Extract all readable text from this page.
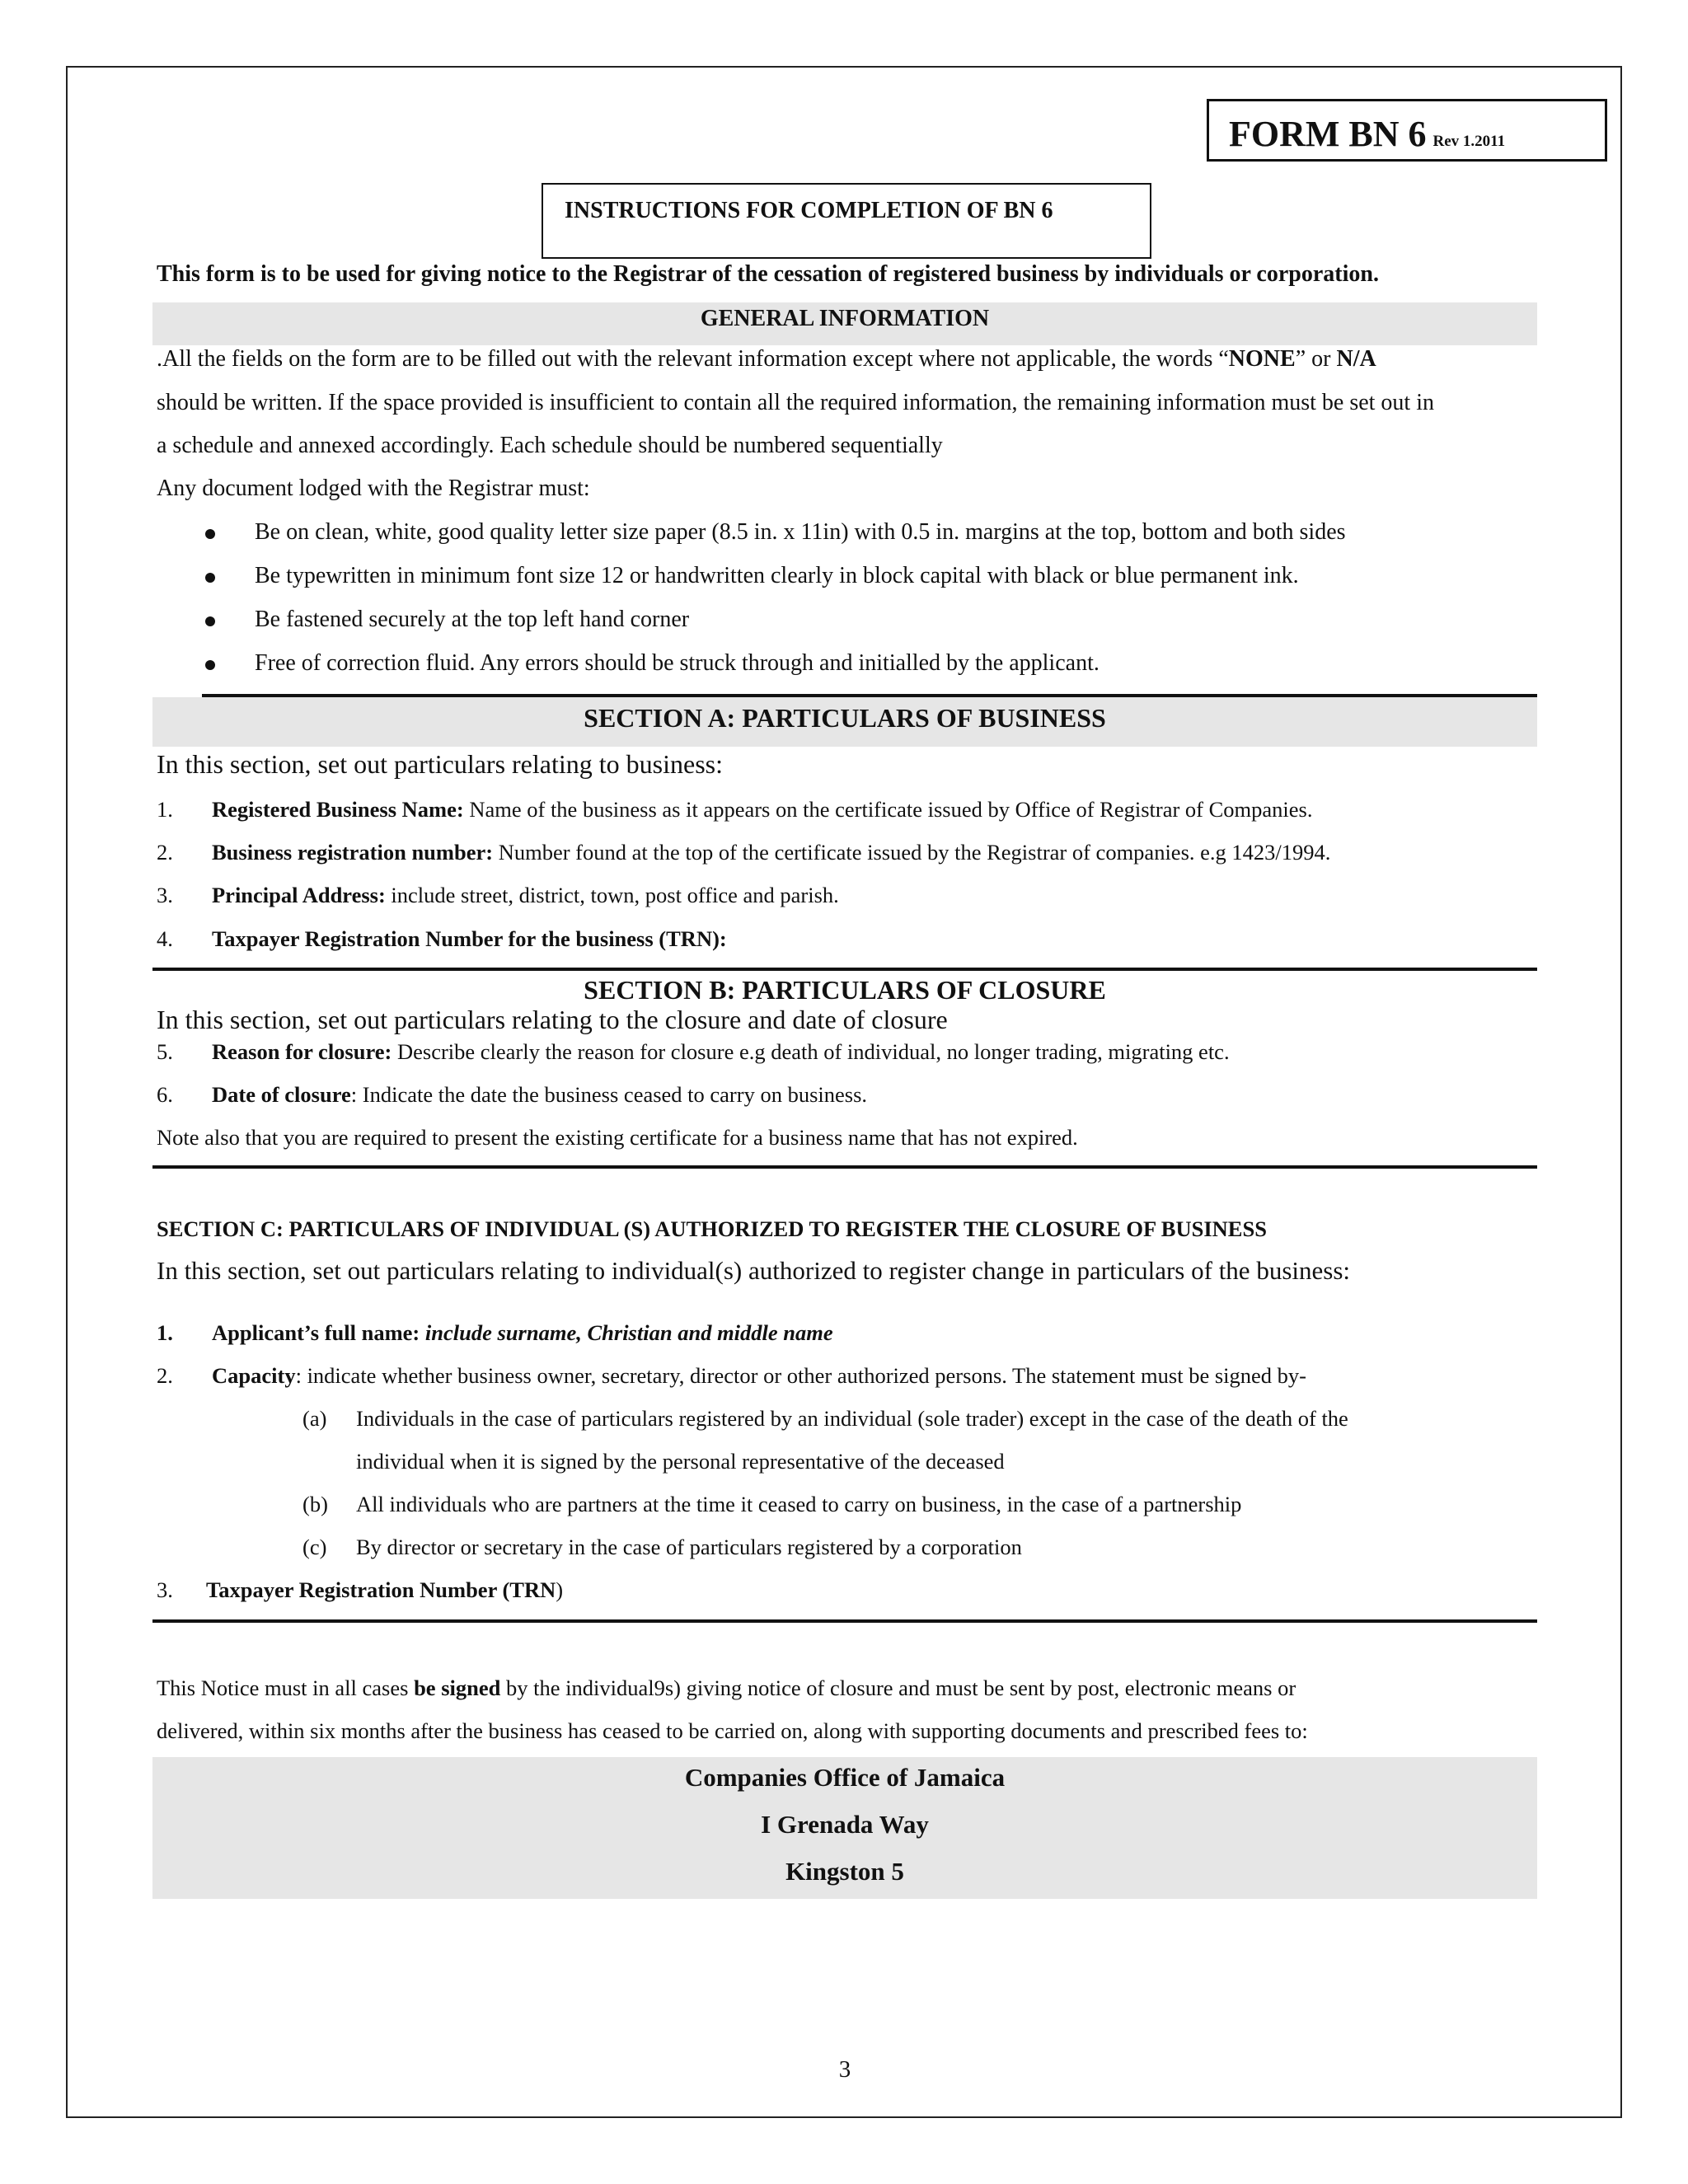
FORM BN 6 Rev 1.2011
INSTRUCTIONS FOR COMPLETION OF BN 6
This form is to be used for giving notice to the Registrar of the cessation of registered business by individuals or corporation.
GENERAL INFORMATION
.All the fields on the form are to be filled out with the relevant information except where not applicable, the words “NONE” or N/A
should be written. If the space provided is insufficient to contain all the required information, the remaining information must be set out in
a schedule and annexed accordingly. Each schedule should be numbered sequentially
Any document lodged with the Registrar must:
Be on clean, white, good quality letter size paper (8.5 in. x 11in) with 0.5 in. margins at the top, bottom and both sides
Be typewritten in minimum font size 12 or handwritten clearly in block capital with black or blue permanent ink.
Be fastened securely at the top left hand corner
Free of correction fluid. Any errors should be struck through and initialled by the applicant.
SECTION A: PARTICULARS OF BUSINESS
In this section, set out particulars relating to business:
1. Registered Business Name: Name of the business as it appears on the certificate issued by Office of Registrar of Companies.
2. Business registration number: Number found at the top of the certificate issued by the Registrar of companies. e.g 1423/1994.
3. Principal Address: include street, district, town, post office and parish.
4. Taxpayer Registration Number for the business (TRN):
SECTION B: PARTICULARS OF CLOSURE
In this section, set out particulars relating to the closure and date of closure
5. Reason for closure: Describe clearly the reason for closure e.g death of individual, no longer trading, migrating etc.
6. Date of closure: Indicate the date the business ceased to carry on business.
Note also that you are required to present the existing certificate for a business name that has not expired.
SECTION C: PARTICULARS OF INDIVIDUAL (S) AUTHORIZED TO REGISTER THE CLOSURE OF BUSINESS
In this section, set out particulars relating to individual(s) authorized to register change in particulars of the business:
1. Applicant’s full name: include surname, Christian and middle name
2. Capacity: indicate whether business owner, secretary, director or other authorized persons. The statement must be signed by-
(a) Individuals in the case of particulars registered by an individual (sole trader) except in the case of the death of the
individual when it is signed by the personal representative of the deceased
(b) All individuals who are partners at the time it ceased to carry on business, in the case of a partnership
(c) By director or secretary in the case of particulars registered by a corporation
3. Taxpayer Registration Number (TRN)
This Notice must in all cases be signed by the individual9s) giving notice of closure and must be sent by post, electronic means or
delivered, within six months after the business has ceased to be carried on, along with supporting documents and prescribed fees to:
Companies Office of Jamaica
I Grenada Way
Kingston 5
3
